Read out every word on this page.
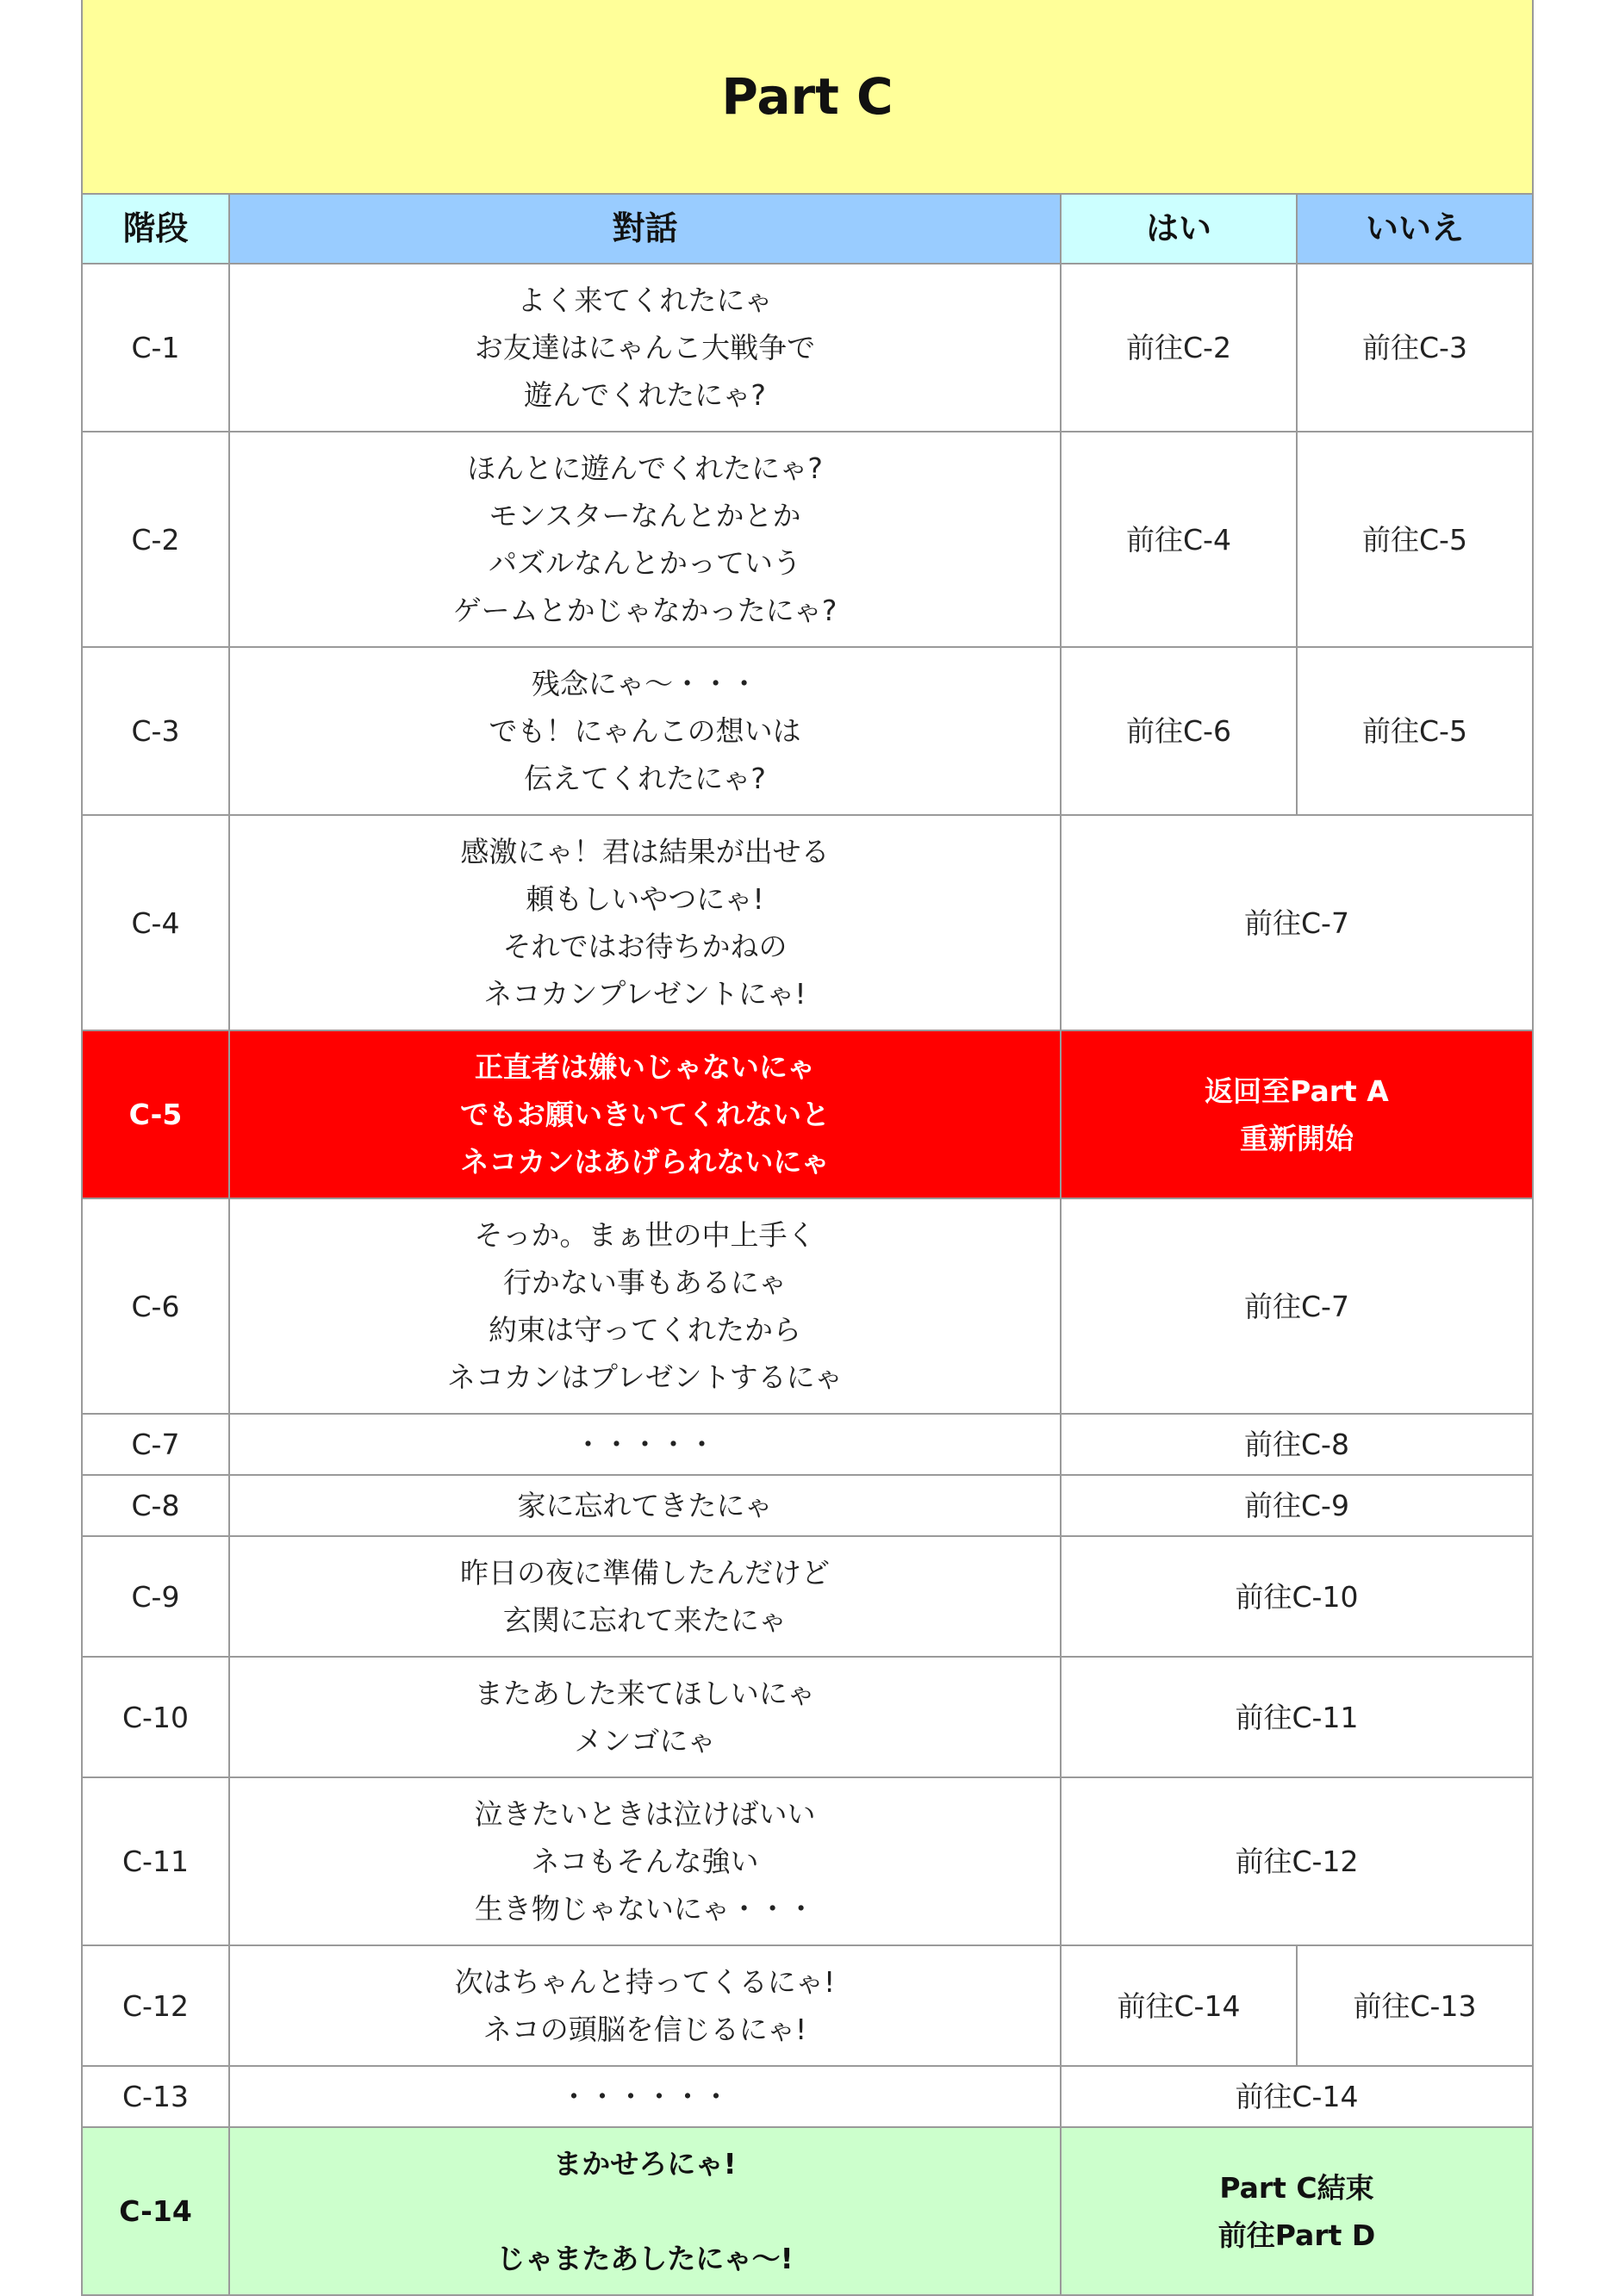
Part C			
階段	對話	はい	いいえ
C-1	よく来てくれたにゃ
お友達はにゃんこ大戦争で
遊んでくれたにゃ?	前往C-2	前往C-3
C-2	ほんとに遊んでくれたにゃ?
モンスターなんとかとか
パズルなんとかっていう
ゲームとかじゃなかったにゃ?	前往C-4	前往C-5
C-3	残念にゃ～・・・
でも！にゃんこの想いは
伝えてくれたにゃ?	前往C-6	前往C-5
C-4	感激にゃ！君は結果が出せる
頼もしいやつにゃ!
それではお待ちかねの
ネコカンプレゼントにゃ!	前往C-7	
C-5	正直者は嫌いじゃないにゃ
でもお願いきいてくれないと
ネコカンはあげられないにゃ	返回至Part A
重新開始	

C-6	そっか。まぁ世の中上手く
行かない事もあるにゃ
約束は守ってくれたから
ネコカンはプレゼントするにゃ	前往C-7	
C-7	・・・・・	前往C-8	
C-8	家に忘れてきたにゃ	前往C-9	
C-9	昨日の夜に準備したんだけど
玄関に忘れて来たにゃ	前往C-10	
C-10	またあした来てほしいにゃ
メンゴにゃ	前往C-11	
C-11	泣きたいときは泣けばいい
ネコもそんな強い
生き物じゃないにゃ・・・	前往C-12	
C-12	次はちゃんと持ってくるにゃ!
ネコの頭脳を信じるにゃ!	前往C-14	前往C-13
C-13	・・・・・・	前往C-14	
C-14	まかせろにゃ!
じゃまたあしたにゃ～!	Part C結束
前往Part D	
